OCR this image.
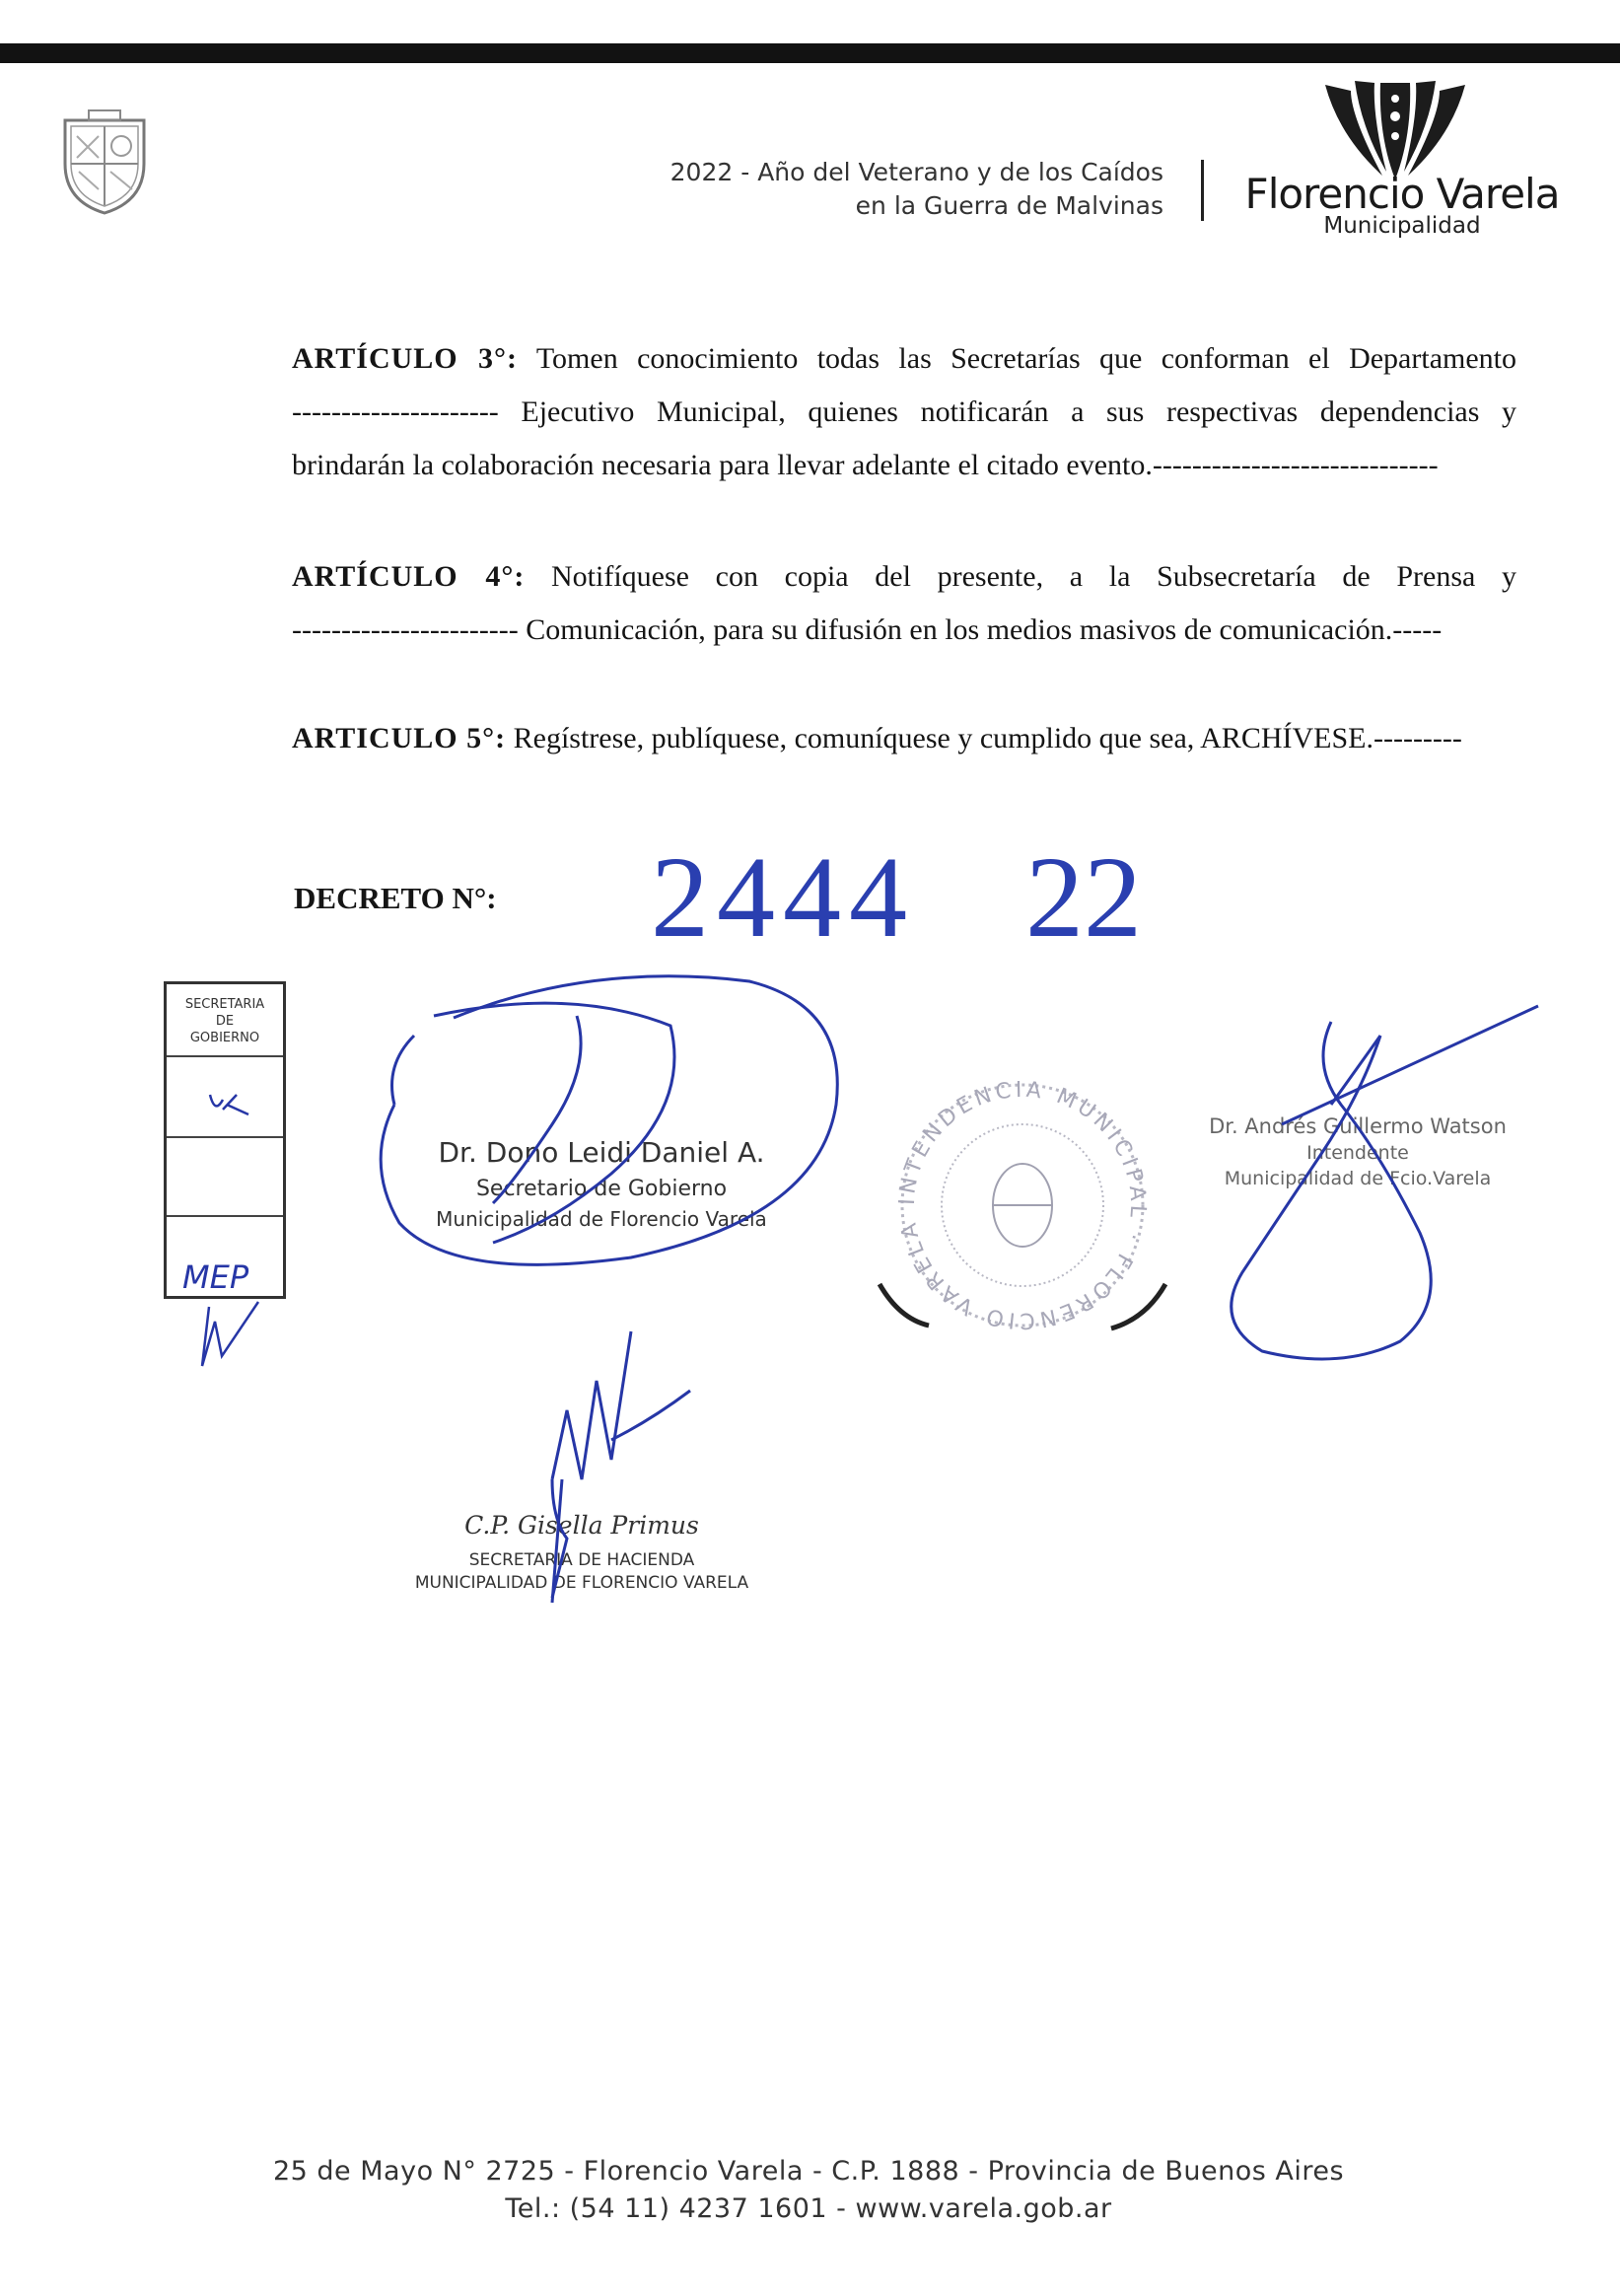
2022 - Año del Veterano y de los Caídos
en la Guerra de Malvinas Florencio Varela
Municipalidad
ARTÍCULO 3°: Tomen conocimiento todas las Secretarías que conforman el Departamento
--------------------- Ejecutivo Municipal, quienes notificarán a sus respectivas dependencias y
brindarán la colaboración necesaria para llevar adelante el citado evento.-----------------------------
ARTÍCULO 4°: Notifíquese con copia del presente, a la Subsecretaría de Prensa y
----------------------- Comunicación, para su difusión en los medios masivos de comunicación.-----
ARTICULO 5°: Regístrese, publíquese, comuníquese y cumplido que sea, ARCHÍVESE.---------
DECRETO N°: 2444 22
SECRETARIA
DE
GOBIERNO
Dr. Dono Leidi Daniel A.
Secretario de Gobierno
Municipalidad de Florencio Varela
INTENDENCIA MUNICIPAL · FLORENCIO VARELA
Dr. Andrés Guillermo Watson
Intendente
Municipalidad de Fcio.Varela
C.P. Gisella Primus
SECRETARIA DE HACIENDA
MUNICIPALIDAD DE FLORENCIO VARELA
MEP
25 de Mayo N° 2725 - Florencio Varela - C.P. 1888 - Provincia de Buenos Aires
Tel.: (54 11) 4237 1601 - www.varela.gob.ar
